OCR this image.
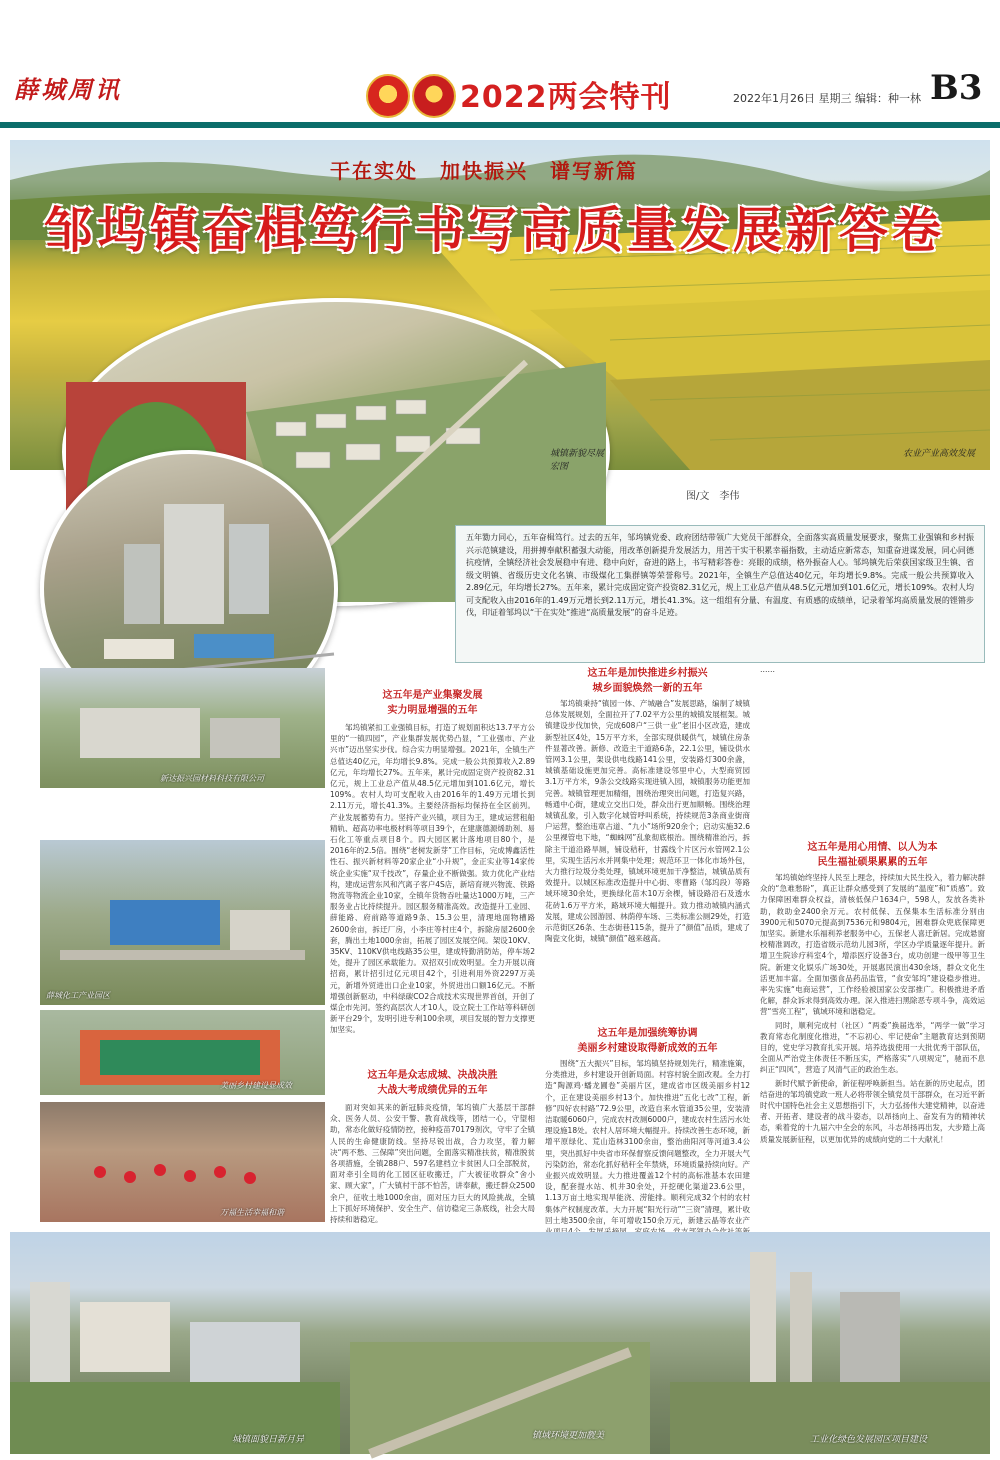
薛城周讯	2022两会特刊	2022年1月26日 星期三 编辑：种一林 B3
农业产业高效发展
干在实处　加快振兴　谱写新篇
邹坞镇奋楫笃行书写高质量发展新答卷
城镇新貌尽展宏图
图/文　李伟
五年勠力同心，五年奋楫笃行。过去的五年，邹坞镇党委、政府团结带领广大党员干部群众，全面落实高质量发展要求，聚焦工业强镇和乡村振兴示范镇建设，用拼搏奉献积蓄强大动能，用改革创新提升发展活力，用苦干实干积累幸福指数，主动适应新常态，知重奋进谋发展，同心同德抗疫情，全镇经济社会发展稳中有进、稳中向好，奋进的路上，书写精彩答卷：亮眼的成绩，格外振奋人心。邹坞镇先后荣获国家级卫生镇、省级文明镇、省级历史文化名镇、市级煤化工集群镇等荣誉称号。2021年，全镇生产总值达40亿元，年均增长9.8%。完成一般公共预算收入2.89亿元，年均增长27%。五年来，累计完成固定资产投资82.31亿元，规上工业总产值从48.5亿元增加到101.6亿元，增长109%。农村人均可支配收入由2016年的1.49万元增长到2.11万元，增长41.3%。这一组组有分量、有温度、有质感的成绩单，记录着邹坞高质量发展的铿锵步伐，印证着邹坞以“干在实处”推进“高质量发展”的奋斗足迹。
新达振兴园材料科技有限公司
薛城化工产业园区
美丽乡村建设显成效
万福生活幸福和谐
这五年是产业集聚发展
实力明显增强的五年

邹坞镇紧扣工业强镇目标，打造了规划面积达13.7平方公里的“一镇四园”，产业集群发展优势凸显，“工业强市、产业兴市”迈出坚实步伐。综合实力明显增强。2021年，全镇生产总值达40亿元，年均增长9.8%。完成一般公共预算收入2.89亿元，年均增长27%。五年来，累计完成固定资产投资82.31亿元，规上工业总产值从48.5亿元增加到101.6亿元，增长109%。农村人均可支配收入由2016年的1.49万元增长到2.11万元，增长41.3%。主要经济指标均保持在全区前列。产业发展蓄势有力。坚持产业兴镇，项目为王，建成运营租船精轨、超高功率电极材料等项目39个，在建康德源烯助剂、易石化工等重点项目8个。四大园区累计落地项目80个，是2016年的2.5倍。围绕“老树发新芽”工作目标，完成博鑫活性性石、振兴新材料等20家企业“小升规”，金正实业等14家传统企业实施“双千技改”，存量企业不断做强。致力优化产业结构，建成运营东风和汽离子客户4S店，新培育规兴物流、铁路物流等物流企业10家，全镇年货物吞吐量达1000万吨，三产服务业占比持续提升。园区服务精准高效。改造提升工业园、薛能路、府前路等道路9条、15.3公里，清理地面物槽路2600余亩，拆迁厂房，小李庄等村庄4个，拆除房屋2600余套，腾出土地1000余亩，拓展了园区发展空间。架设10KV、35KV、110KV供电线路35公里，建成特勤消防站，停车场2处，提升了园区承载能力。双招双引成效明显。全力开展以商招商，累计招引过亿元项目42个，引进利用外资2297万美元，新增外贸进出口企业10家，外贸进出口额16亿元。不断增强创新驱动，中科绿碳CO2合成技术实现世界首创，开创了煤企市先河。签约高层次人才10人，设立院士工作站等科研创新平台29个，发明引进专利100余项，项目发展的智力支撑更加坚实。

这五年是众志成城、决战决胜
大战大考成绩优异的五年

面对突如其来的新冠肺炎疫情，邹坞镇广大基层干部群众、医务人员、公安干警、教育战线等，团结一心，守望相助，常态化做好疫情防控，接种疫苗70179剂次，守牢了全镇人民的生命健康防线。坚持尽锐出战，合力攻坚，着力解决“两不愁、三保障”突出问题，全面落实精准扶贫，精准脱贫各项措施，全镇288户、597名建档立卡贫困人口全部脱贫，面对牵引全局的化工园区征收搬迁，广大被征收群众“舍小家、顾大家”，广大镇村干部不怕苦，讲奉献，搬迁群众2500余户，征收土地1000余亩，面对压力巨大的风险挑战，全镇上下抓好环境保护、安全生产、信访稳定三条底线，社会大局持续和谐稳定。

这五年是加快推进乡村振兴
城乡面貌焕然一新的五年

邹坞镇秉持“镇园一体、产城融合”发展思路，编制了城镇总体发展规划，全面拉开了7.02平方公里的城镇发展框架。城镇建设步伐加快，完成608户“三供一业”老旧小区改造，建成新型社区4处，15万平方米，全部实现供暖供气，城镇住房条件显著改善。新修、改造主干道路6条，22.1公里，铺设供水管网3.1公里，架设供电线路141公里，安装路灯300余盏，城镇基础设施更加完善。高标准建设邻里中心，大型商贸园3.1万平方米，9条公交线路实现进镇入园，城镇服务功能更加完善。城镇管理更加精细，围绕治理突出问题，打造复兴路，畅通中心街，建成立交出口处，群众出行更加顺畅。围绕治理城镇乱象，引入数字化城管呼叫系统，持续规范3条商业街商户运营，整治违章占道、“九小”场所920余个；启动实施32.6公里裸管电下地，“蜘蛛网”乱象彻底根治。围绕精准治污，拆除主干道沿路旱厕，铺设秸秆，甘露线个片区污水管网2.1公里，实现生活污水并网集中处理；规范环卫一体化市场外包，大力推行垃圾分类处理，镇域环境更加干净整洁，城镇品质有效提升。以城区标准改造提升中心街、枣曹路（邹坞段）等路域环境30余处，更换绿化苗木10万余棵，铺设路沿石及透水花砖1.6万平方米，路域环境大幅提升。致力推动城镇内涵式发展，建成公园游园、林荫停车场、三类标准公厕29处，打造示范街区26条、生态街巷115条，提升了“颜值”品质，建成了陶瓷文化街，城镇“颜值”越来越高。

这五年是加强统筹协调
美丽乡村建设取得新成效的五年

围绕“五大振兴”目标，邹坞镇坚持规划先行，精准施策，分类推进，乡村建设开创新局面。村容村貌全面改观。全力打造“陶源鸡·蟠龙圃卷”美丽片区，建成省市区级美丽乡村12个，正在建设美丽乡村13个。加快推进“五化七改”工程，新修“四好农村路”72.9公里，改造自来水管道35公里，安装清洁取暖6060户，完成农村改厕6000户，建成农村生活污水处理设施18处。农村人居环境大幅提升。持续改善生态环境，新增平原绿化、荒山造林3100余亩，整治曲阳河等河道3.4公里，突出抓好中央省市环保督察反馈问题整改，全力开展大气污染防治，常态化抓好秸秆全年禁烧，环境质量持续向好。产业振兴成效明显。大力推进覆盖12个村的高标准基本农田建设，配套提水站、机井30余处，开挖硬化渠道23.6公里，1.13万亩土地实现旱能浇、涝能排。顺利完成32个村的农村集体产权制度改革。大力开展“阳光行动”“三资”清理，累计收回土地3500余亩，年可增收150余万元，新建云晶等农业产

这五年是用心用情、以人为本
民生福祉硕果累累的五年

……

邹坞镇始终坚持人民至上理念，持续加大民生投入，着力解决群众的“急难愁盼”，真正让群众感受到了发展的“温度”和“质感”。致力保障困难群众权益，清核低保户1634户，598人，发放各类补助，救助金2400余万元。农村低保、五保集本生活标准分别由3900元和5070元提高到7536元和9804元，困难群众兜底保障更加坚实。新建水乐福利养老服务中心，五保老人喜迁新居。完成悬窗校精准调改，打造省级示范幼儿园3所，学区办学质量逐年提升。新增卫生院诊疗科室4个，增添医疗设备3台，成功创建一级甲等卫生院。新建文化娱乐广场30处，开展惠民演出430余场，群众文化生活更加丰富。全面加强食品药品监管，“食安邹坞”建设稳步推进。率先实施“电商运营”，工作经验被国家公安部推广。积极推进矛盾化解，群众诉求得到高效办理。深入推进扫黑除恶专项斗争，高效运营“雪亮工程”，镇域环境和谐稳定。

同时，顺利完成村（社区）“两委”换届选举，“两学一做”学习教育常态化制度化推进，“不忘初心、牢记使命”主题教育达到预期目的，党史学习教育扎实开展。培养选拔使用一大批优秀干部队伍，全面从严治党主体责任不断压实，严格落实“八项规定”，驰而不息纠正“四风”，营造了风清气正的政治生态。

新时代赋予新使命，新征程呼唤新担当。站在新的历史起点，团结奋进的邹坞镇党政一班人必将带领全镇党员干部群众，在习近平新时代中国特色社会主义思想指引下，大力弘扬伟大建党精神，以奋进者、开拓者、建设者的战斗姿态，以昂扬向上、奋发有为的精神状态，乘着党的十九届六中全会的东风，斗志昂扬再出发，大步踏上高质量发展新征程，以更加优异的成绩向党的二十大献礼！

城镇面貌日新月异	镇域环境更加靓美	工业化绿色发展园区项目建设
